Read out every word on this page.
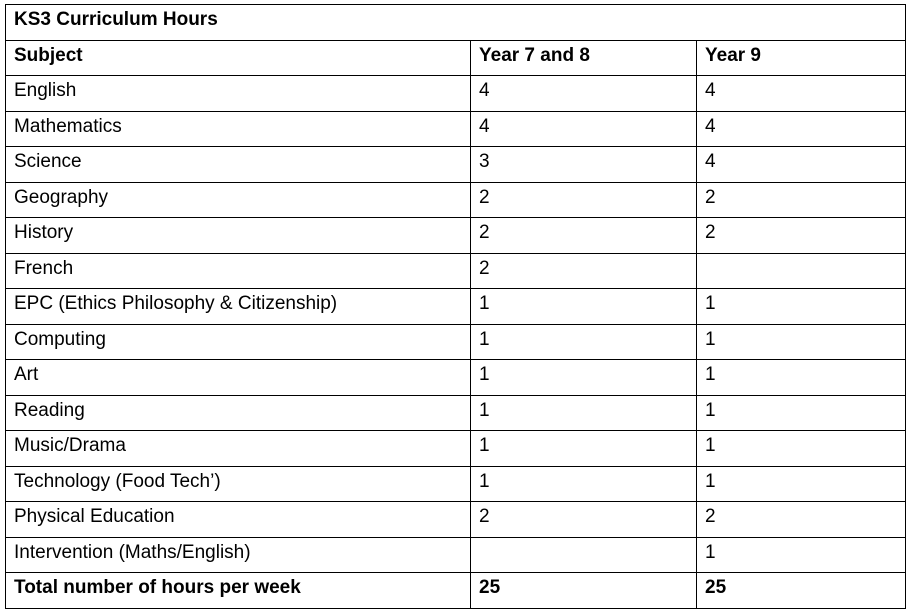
KS3 Curriculum Hours		
Subject	Year 7 and 8	Year 9
English	4	4
Mathematics	4	4
Science	3	4
Geography	2	2
History	2	2
French	2	
EPC (Ethics Philosophy & Citizenship)	1	1
Computing	1	1
Art	1	1
Reading	1	1
Music/Drama	1	1
Technology (Food Tech’)	1	1
Physical Education	2	2
Intervention (Maths/English)		1
Total number of hours per week	25	25
